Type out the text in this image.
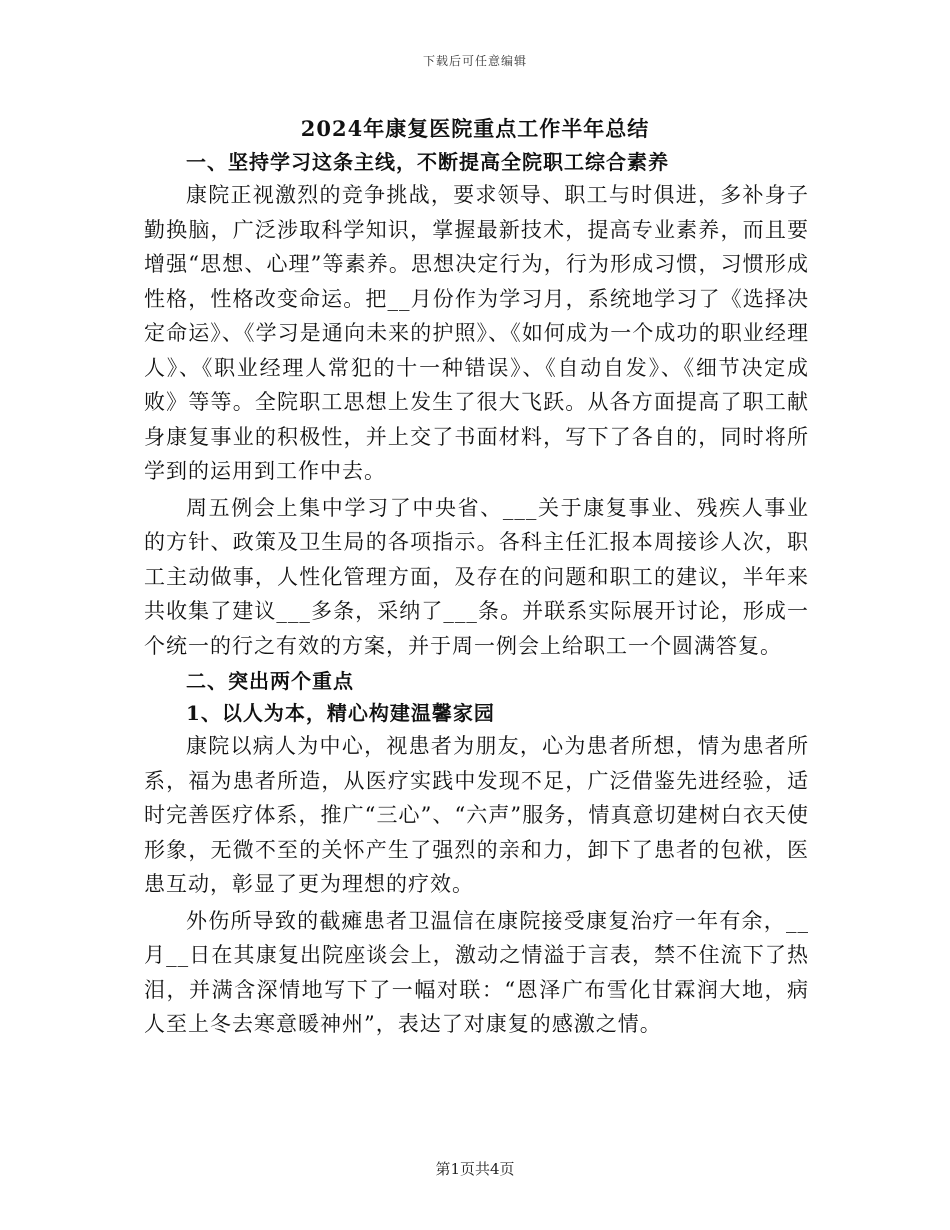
下载后可任意编辑
2024年康复医院重点工作半年总结

一、坚持学习这条主线，不断提高全院职工综合素养

康院正视激烈的竞争挑战，要求领导、职工与时俱进，多补身子勤换脑，广泛涉取科学知识，掌握最新技术，提高专业素养，而且要增强“思想、心理”等素养。思想决定行为，行为形成习惯，习惯形成性格，性格改变命运。把__月份作为学习月，系统地学习了《选择决定命运》、《学习是通向未来的护照》、《如何成为一个成功的职业经理人》、《职业经理人常犯的十一种错误》、《自动自发》、《细节决定成败》等等。全院职工思想上发生了很大飞跃。从各方面提高了职工献身康复事业的积极性，并上交了书面材料，写下了各自的，同时将所学到的运用到工作中去。

周五例会上集中学习了中央省、___关于康复事业、残疾人事业的方针、政策及卫生局的各项指示。各科主任汇报本周接诊人次，职工主动做事，人性化管理方面，及存在的问题和职工的建议，半年来共收集了建议___多条，采纳了___条。并联系实际展开讨论，形成一个统一的行之有效的方案，并于周一例会上给职工一个圆满答复。

二、突出两个重点

1、以人为本，精心构建温馨家园

康院以病人为中心，视患者为朋友，心为患者所想，情为患者所系，福为患者所造，从医疗实践中发现不足，广泛借鉴先进经验，适时完善医疗体系，推广“三心”、“六声”服务，情真意切建树白衣天使形象，无微不至的关怀产生了强烈的亲和力，卸下了患者的包袱，医患互动，彰显了更为理想的疗效。

外伤所导致的截瘫患者卫温信在康院接受康复治疗一年有余，__月__日在其康复出院座谈会上，激动之情溢于言表，禁不住流下了热泪，并满含深情地写下了一幅对联：“恩泽广布雪化甘霖润大地，病人至上冬去寒意暖神州”，表达了对康复的感激之情。

第1页共4页
